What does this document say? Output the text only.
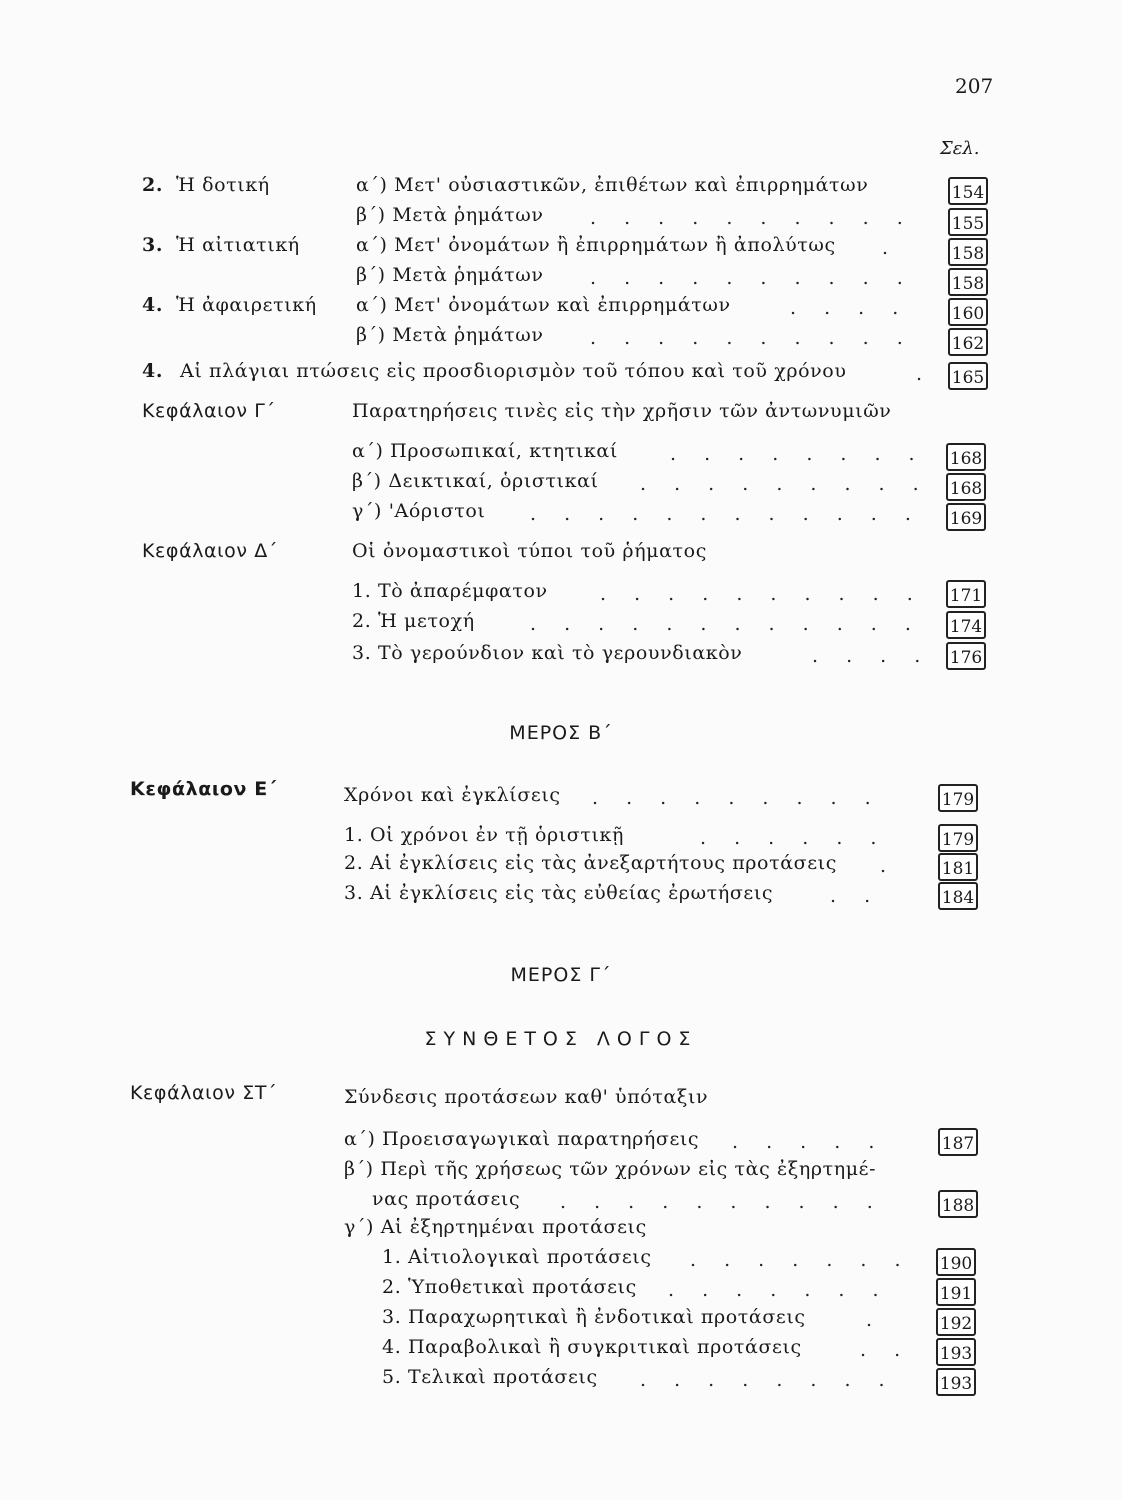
207
Σελ.
2. Ἡ δοτική	α΄) Μετ' οὐσιαστικῶν, ἐπιθέτων καὶ ἐπιρρημάτων	154
β΄) Μετὰ ῥημάτων . . . . . . . . . .	155
3. Ἡ αἰτιατική	α΄) Μετ' ὀνομάτων ἢ ἐπιρρημάτων ἢ ἀπολύτως .	158
β΄) Μετὰ ῥημάτων . . . . . . . . . .	158
4. Ἡ ἀφαιρετική α΄) Μετ' ὀνομάτων καὶ ἐπιρρημάτων	. . . .	160
β΄) Μετὰ ῥημάτων . . . . . . . . . .	162
4. Αἱ πλάγιαι πτώσεις εἰς προσδιορισμὸν τοῦ τόπου καὶ τοῦ χρόνου	. 165
Κεφάλαιον Γ΄	Παρατηρήσεις τινὲς εἰς τὴν χρῆσιν τῶν ἀντωνυμιῶν
α΄) Προσωπικαί, κτητικαί	. . . . . . . .	168
β΄) Δεικτικαί, ὁριστικαί . . . . . . . . . 168
γ΄) 'Αόριστοι . . . . . . . . . . . .	169
Κεφάλαιον Δ΄	Οἱ ὀνομαστικοὶ τύποι τοῦ ῥήματος
1. Τὸ ἀπαρέμφατον	. . . . . . . . . .	171
2. Ἡ μετοχή	. . . . . . . . . . . .	174
3. Τὸ γερούνδιον καὶ τὸ γερουνδιακὸν	. . . . 176
ΜΕΡΟΣ Β΄
Κεφάλαιον Ε΄	Χρόνοι καὶ ἐγκλίσεις . . . . . . . . .	179
1. Οἱ χρόνοι ἐν τῇ ὁριστικῇ	. . . . . .	179
2. Αἱ ἐγκλίσεις εἰς τὰς ἀνεξαρτήτους προτάσεις .	181
3. Αἱ ἐγκλίσεις εἰς τὰς εὐθείας ἐρωτήσεις	. .	184
ΜΕΡΟΣ Γ΄
ΣΥΝΘΕΤΟΣ ΛΟΓΟΣ
Κεφάλαιον ΣΤ΄	Σύνδεσις προτάσεων καθ' ὑπόταξιν
α΄) Προεισαγωγικαὶ παρατηρήσεις . . . . .	187
β΄) Περὶ τῆς χρήσεως τῶν χρόνων εἰς τὰς ἐξηρτημέ-
νας προτάσεις . . . . . . . . . .	188
γ΄) Αἱ ἐξηρτημέναι προτάσεις
1. Αἰτιολογικαὶ προτάσεις . . . . . . . 190
2. Ὑποθετικαὶ προτάσεις . . . . . . .	191
3. Παραχωρητικαὶ ἢ ἐνδοτικαὶ προτάσεις	.	192
4. Παραβολικαὶ ἢ συγκριτικαὶ προτάσεις	. . 193
5. Τελικαὶ προτάσεις . . . . . . . .	193
